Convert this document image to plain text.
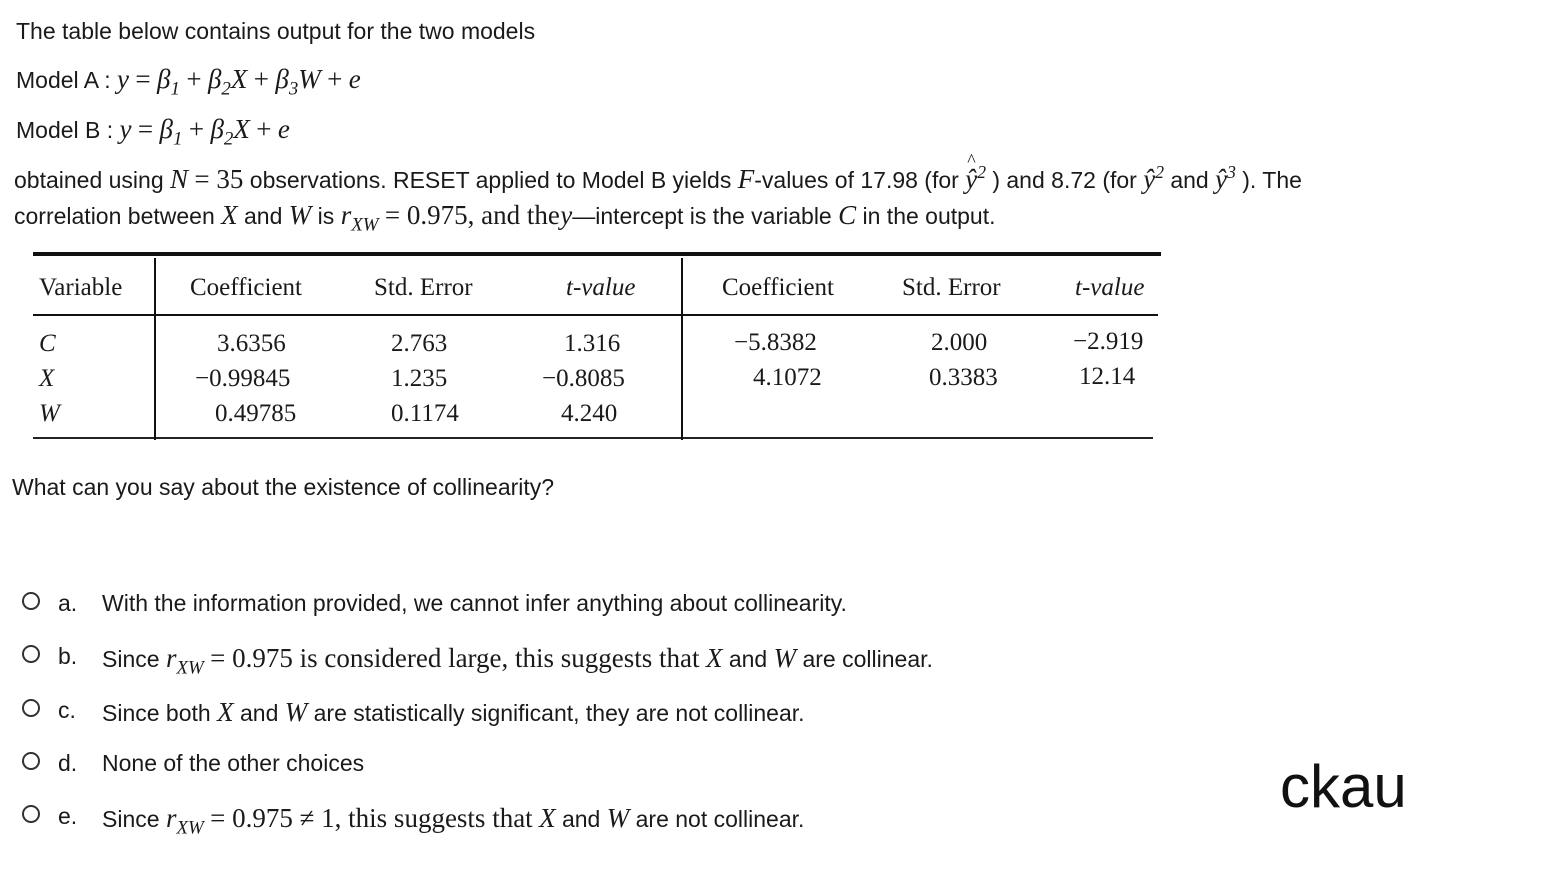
The table below contains output for the two models
Model A : $y = \beta_1 + \beta_2X + \beta_3W + e$
Model B : $y = \beta_1 + \beta_2X + e$
obtained using N = 35 observations. RESET applied to Model B yields F-values of 17.98 (for ^ $ŷ^2$ ) and 8.72 (for $ŷ^2$ and $ŷ^3$ ). The
correlation between X and W is $r_{XW} = 0.975$, and the y—intercept is the variable C in the output.
Variable	Coefficient	Std. Error	t-value	Coefficient	Std. Error	t-value
C	3.6356	2.763	1.316	−5.8382	2.000	−2.919
X	−0.99845	1.235	−0.8085	4.1072	0.3383	12.14
W	0.49785	0.1174	4.240
What can you say about the existence of collinearity?
a. With the information provided, we cannot infer anything about collinearity.
b. Since $r_{XW} = 0.975$ is considered large, this suggests that X and W are collinear.
c. Since both X and W are statistically significant, they are not collinear.
d. None of the other choices
e. Since $r_{XW} = 0.975 \ne 1$, this suggests that X and W are not collinear.	ckau
